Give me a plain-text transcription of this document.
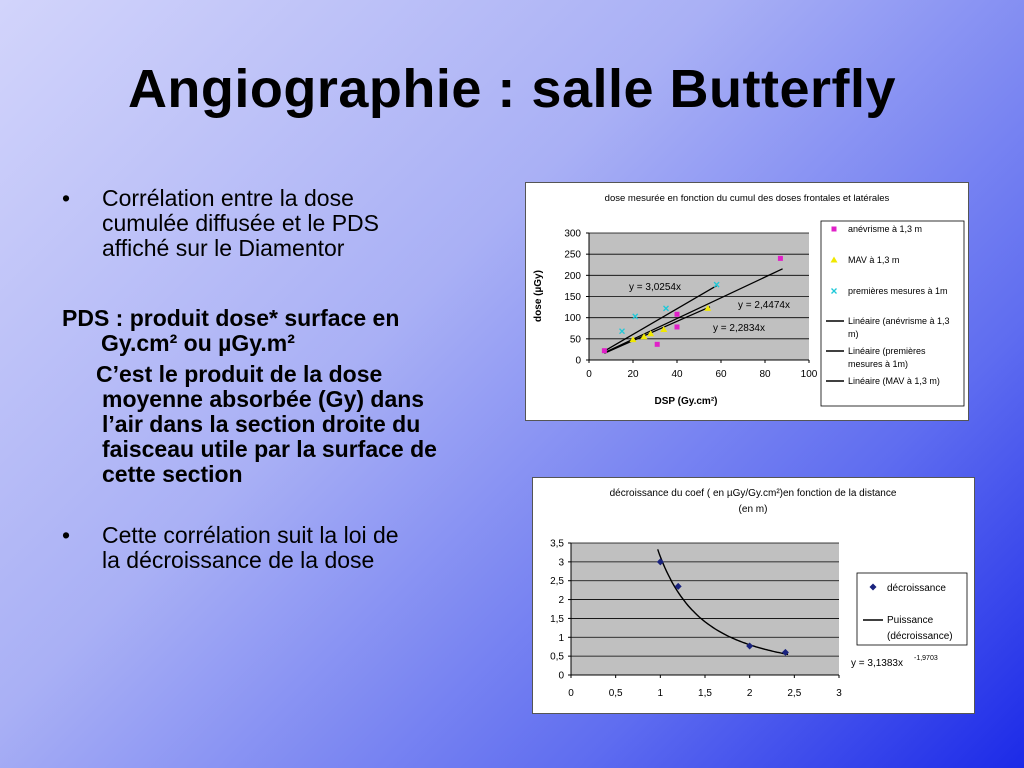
Angiographie : salle Butterfly
• Corrélation entre la dose
cumulée diffusée et le PDS
affiché sur le Diamentor
PDS : produit dose* surface en
Gy.cm² ou µGy.m²
C’est le produit de la dose
moyenne absorbée (Gy) dans
l’air dans la section droite du
faisceau utile par la surface de
cette section
• Cette corrélation suit la loi de
la décroissance de la dose
dose mesurée en fonction du cumul des doses frontales et latérales
0
50
100
150
200
250
300
0	20	40	60	80	100
DSP (Gy.cm²)
dose (µGy)	y = 2,4474x
y = 3,0254x
y = 2,2834x
anévrisme à 1,3 m
MAV à 1,3 m
premières mesures à 1m
Linéaire (anévrisme à 1,3
m)
Linéaire (premières
mesures à 1m)
Linéaire (MAV à 1,3 m)
décroissance du coef ( en µGy/Gy.cm²)en fonction de la distance
(en m)
0
0,5
1
1,5
2
2,5
3
3,5
0	0,5	1	1,5	2	2,5	3
décroissance
Puissance
(décroissance)
y = 3,1383x -1,9703
